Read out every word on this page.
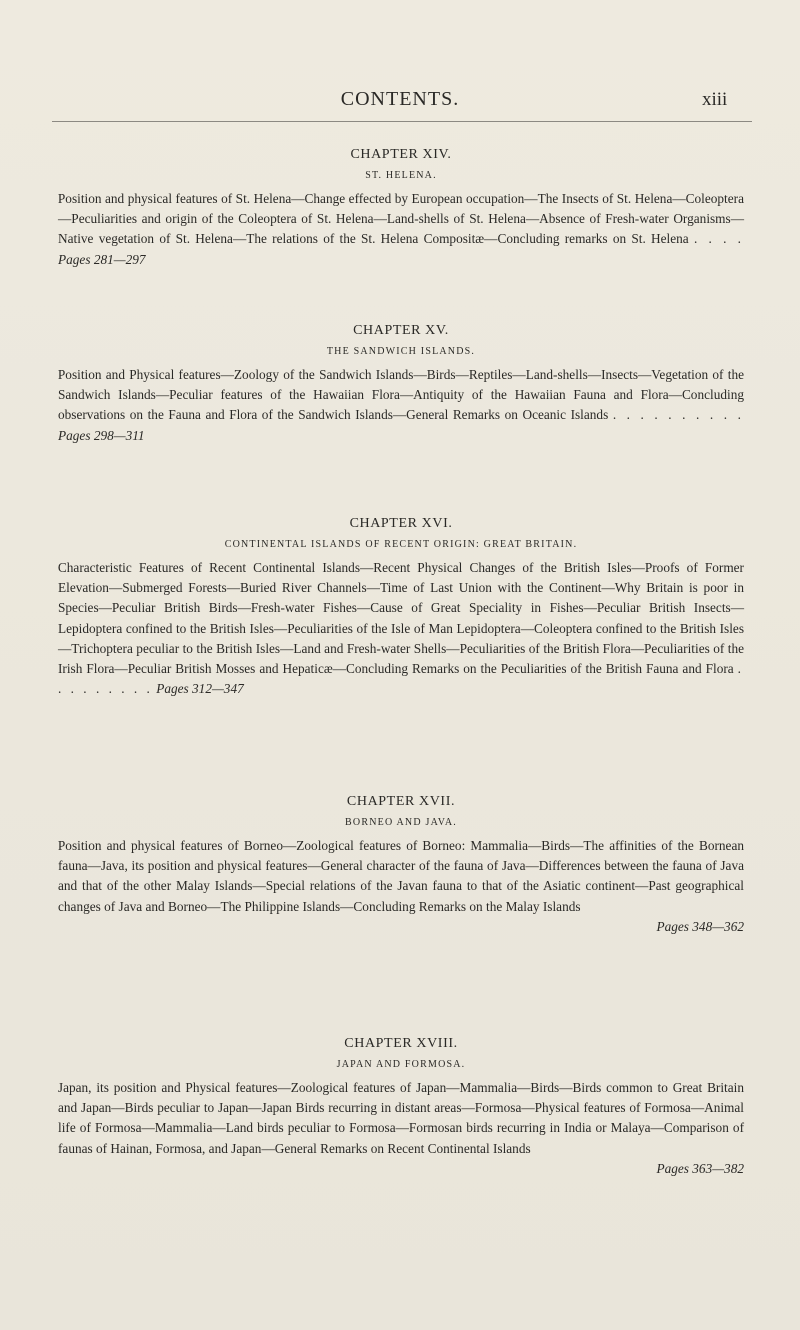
CONTENTS.	xiii
CHAPTER XIV.
ST. HELENA.
Position and physical features of St. Helena—Change effected by European occupation—The Insects of St. Helena—Coleoptera—Peculiarities and origin of the Coleoptera of St. Helena—Land-shells of St. Helena—Absence of Fresh-water Organisms—Native vegetation of St. Helena—The relations of the St. Helena Compositæ—Concluding remarks on St. Helena . . . . Pages 281—297
CHAPTER XV.
THE SANDWICH ISLANDS.
Position and Physical features—Zoology of the Sandwich Islands—Birds—Reptiles—Land-shells—Insects—Vegetation of the Sandwich Islands—Peculiar features of the Hawaiian Flora—Antiquity of the Hawaiian Fauna and Flora—Concluding observations on the Fauna and Flora of the Sandwich Islands—General Remarks on Oceanic Islands . . . . . . . . . . Pages 298—311
CHAPTER XVI.
CONTINENTAL ISLANDS OF RECENT ORIGIN: GREAT BRITAIN.
Characteristic Features of Recent Continental Islands—Recent Physical Changes of the British Isles—Proofs of Former Elevation—Submerged Forests—Buried River Channels—Time of Last Union with the Continent—Why Britain is poor in Species—Peculiar British Birds—Fresh-water Fishes—Cause of Great Speciality in Fishes—Peculiar British Insects—Lepidoptera confined to the British Isles—Peculiarities of the Isle of Man Lepidoptera—Coleoptera confined to the British Isles—Trichoptera peculiar to the British Isles—Land and Fresh-water Shells—Peculiarities of the British Flora—Peculiarities of the Irish Flora—Peculiar British Mosses and Hepaticæ—Concluding Remarks on the Peculiarities of the British Fauna and Flora . . . . . . . . . Pages 312—347
CHAPTER XVII.
BORNEO AND JAVA.
Position and physical features of Borneo—Zoological features of Borneo: Mammalia—Birds—The affinities of the Bornean fauna—Java, its position and physical features—General character of the fauna of Java—Differences between the fauna of Java and that of the other Malay Islands—Special relations of the Javan fauna to that of the Asiatic continent—Past geographical changes of Java and Borneo—The Philippine Islands—Concluding Remarks on the Malay Islands
Pages 348—362
CHAPTER XVIII.
JAPAN AND FORMOSA.
Japan, its position and Physical features—Zoological features of Japan—Mammalia—Birds—Birds common to Great Britain and Japan—Birds peculiar to Japan—Japan Birds recurring in distant areas—Formosa—Physical features of Formosa—Animal life of Formosa—Mammalia—Land birds peculiar to Formosa—Formosan birds recurring in India or Malaya—Comparison of faunas of Hainan, Formosa, and Japan—General Remarks on Recent Continental Islands
Pages 363—382
